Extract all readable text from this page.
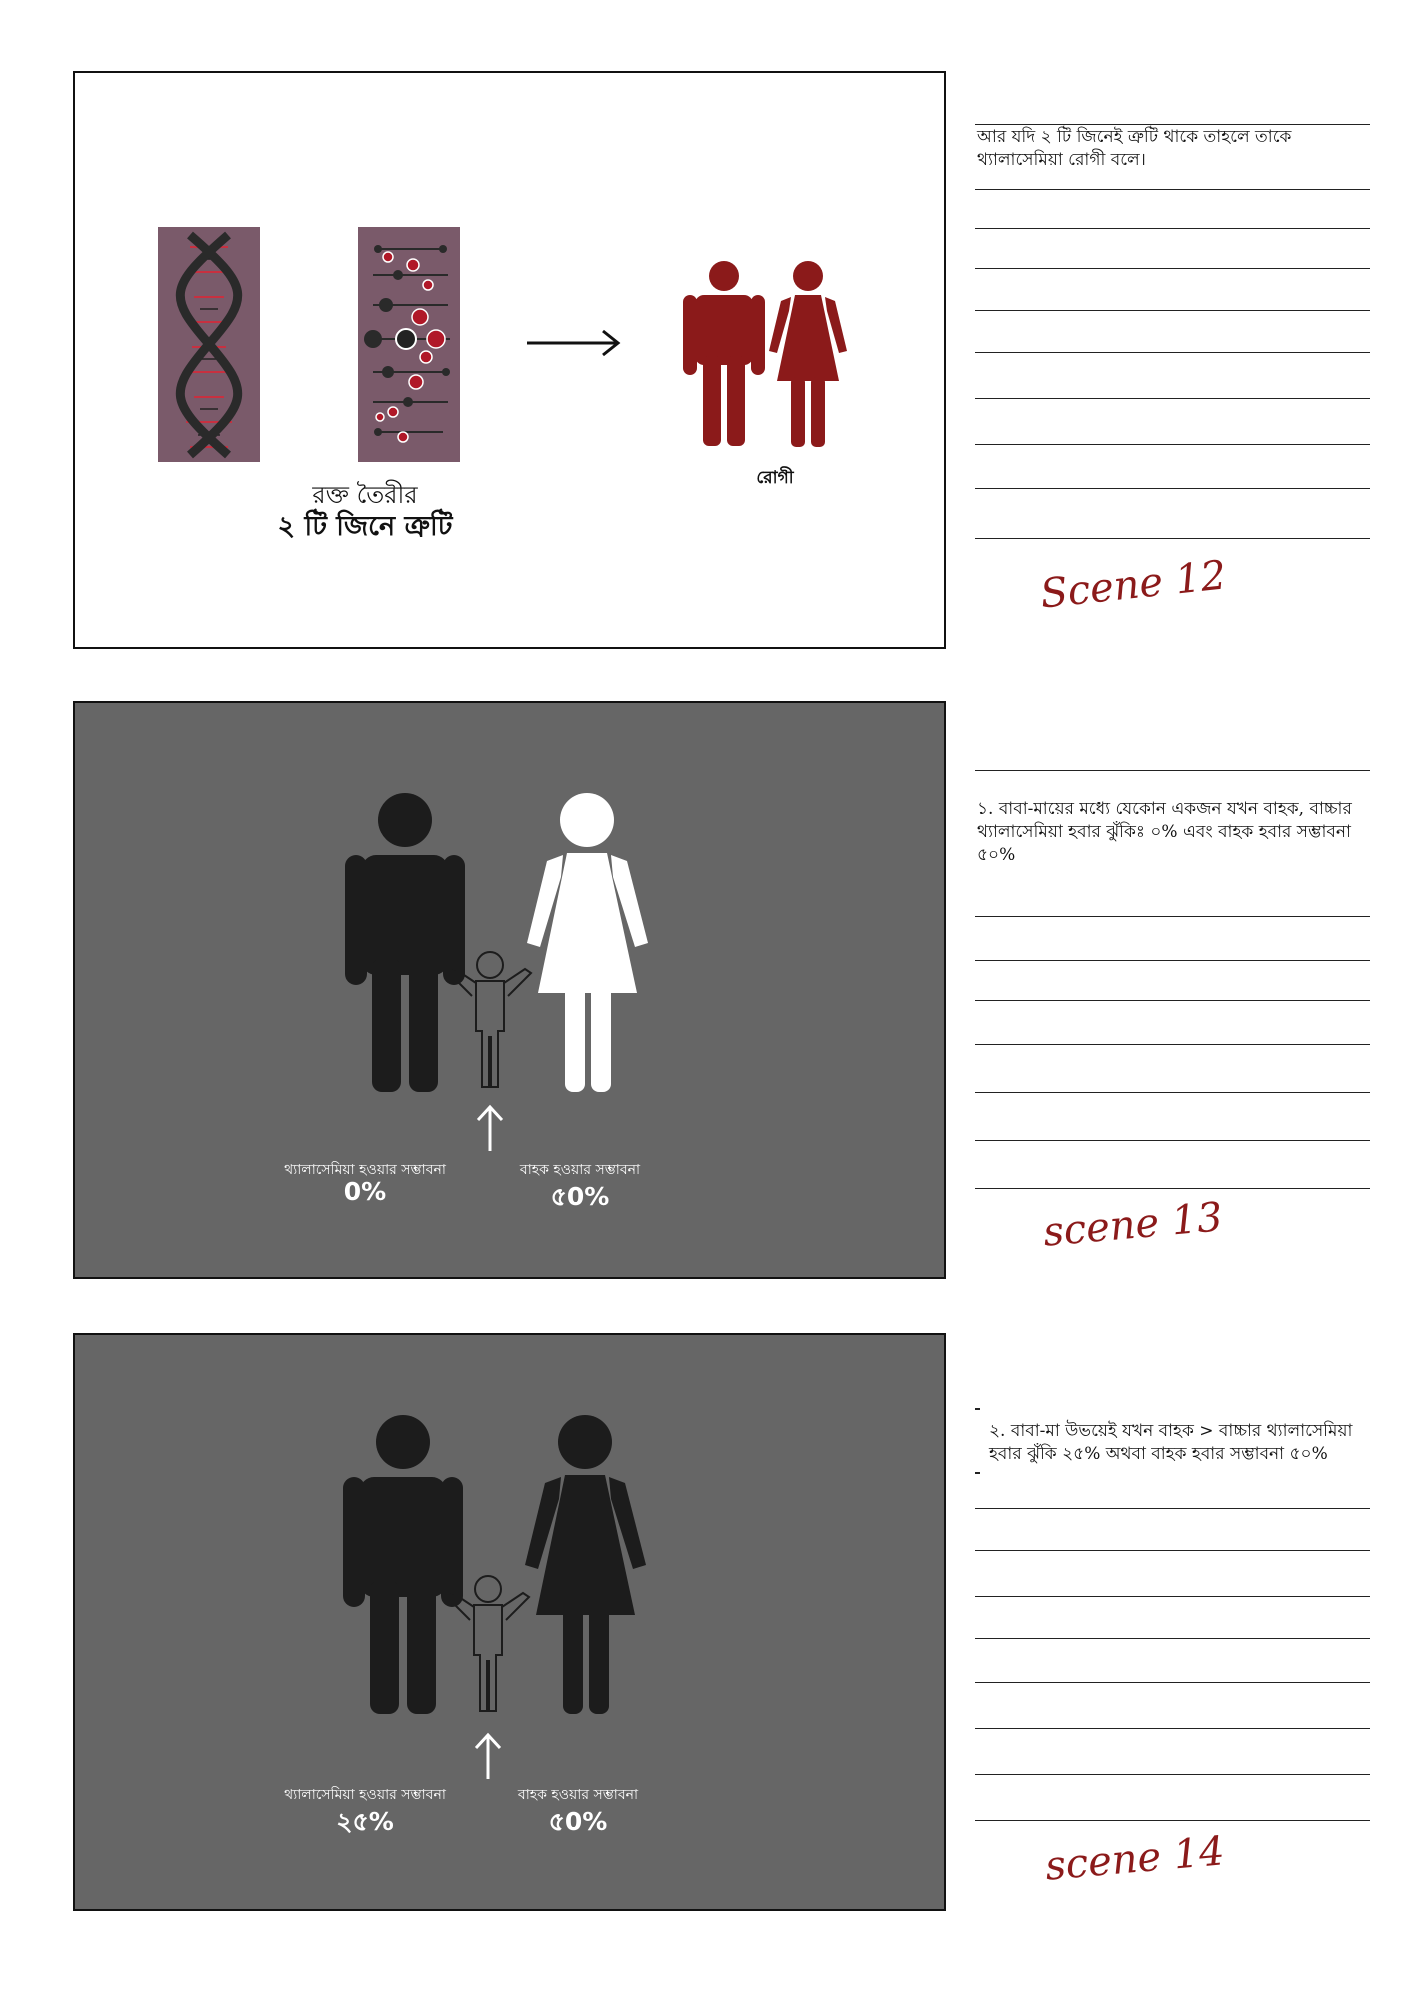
রক্ত তৈরীর
২ টি জিনে ত্রুটি
রোগী
থ্যালাসেমিয়া হওয়ার সম্ভাবনা
0%
বাহক হওয়ার সম্ভাবনা
৫0%
থ্যালাসেমিয়া হওয়ার সম্ভাবনা
২৫%
বাহক হওয়ার সম্ভাবনা
৫0%
আর যদি ২ টি জিনেই ত্রুটি থাকে তাহলে তাকে থ্যালাসেমিয়া রোগী বলে।
Scene 12
১. বাবা-মায়ের মধ্যে যেকোন একজন যখন বাহক, বাচ্চার থ্যালাসেমিয়া হবার ঝুঁকিঃ ০% এবং বাহক হবার সম্ভাবনা ৫০%
scene 13
২. বাবা-মা উভয়েই যখন বাহক > বাচ্চার থ্যালাসেমিয়া হবার ঝুঁকি ২৫% অথবা বাহক হবার সম্ভাবনা ৫০%
scene 14
